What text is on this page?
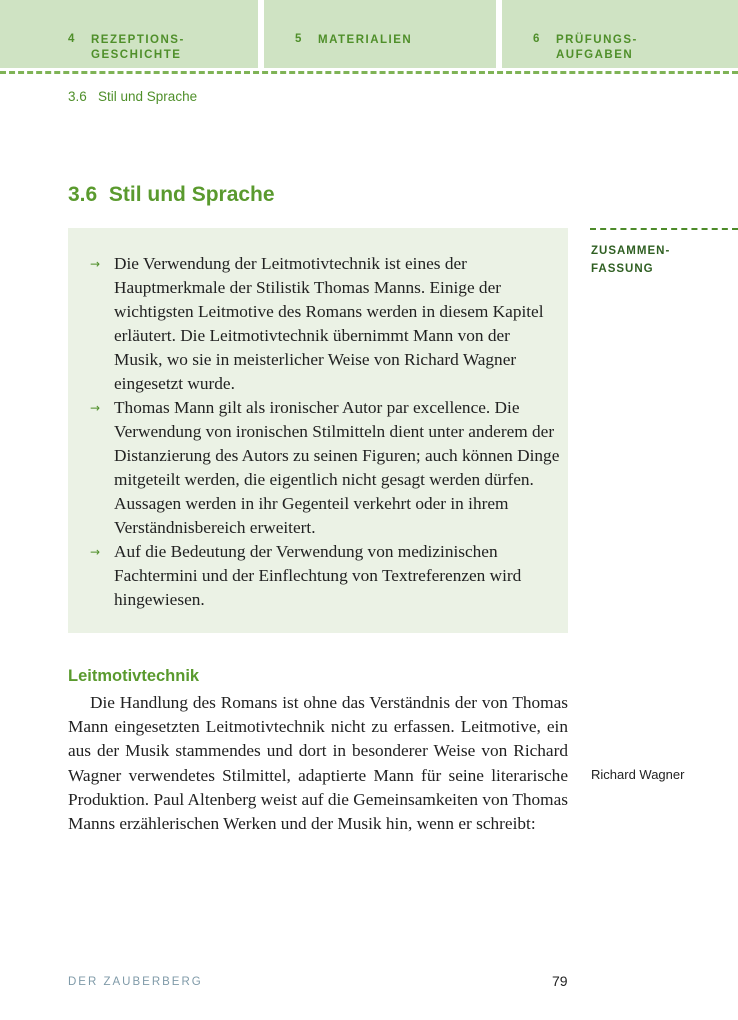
4 REZEPTIONS-
GESCHICHTE
5 MATERIALIEN	6 PRÜFUNGS-
AUFGABEN
3.6   Stil und Sprache
3.6 Stil und Sprache
ZUSAMMEN-
FASSUNG
→ Die Verwendung der Leitmotivtechnik ist eines der Hauptmerkmale der Stilistik Thomas Manns. Einige der wichtigsten Leitmotive des Romans werden in diesem Kapitel erläutert. Die Leitmotivtechnik übernimmt Mann von der Musik, wo sie in meisterlicher Weise von Richard Wagner eingesetzt wurde.
→ Thomas Mann gilt als ironischer Autor par excellence. Die Verwendung von ironischen Stilmitteln dient unter anderem der Distanzierung des Autors zu seinen Figuren; auch können Dinge mitgeteilt werden, die eigentlich nicht gesagt werden dürfen. Aussagen werden in ihr Gegenteil verkehrt oder in ihrem Verständnisbereich erweitert.
→ Auf die Bedeutung der Verwendung von medizinischen Fachtermini und der Einflechtung von Textreferenzen wird hingewiesen.
Leitmotivtechnik

Die Handlung des Romans ist ohne das Verständnis der von Thomas Mann eingesetzten Leitmotivtechnik nicht zu erfassen. Leitmotive, ein aus der Musik stammendes und dort in besonderer Weise von Richard Wagner verwendetes Stilmittel, adaptierte Mann für seine literarische Produktion. Paul Altenberg weist auf die Gemeinsamkeiten von Thomas Manns erzählerischen Werken und der Musik hin, wenn er schreibt:

Richard Wagner
DER ZAUBERBERG	79
